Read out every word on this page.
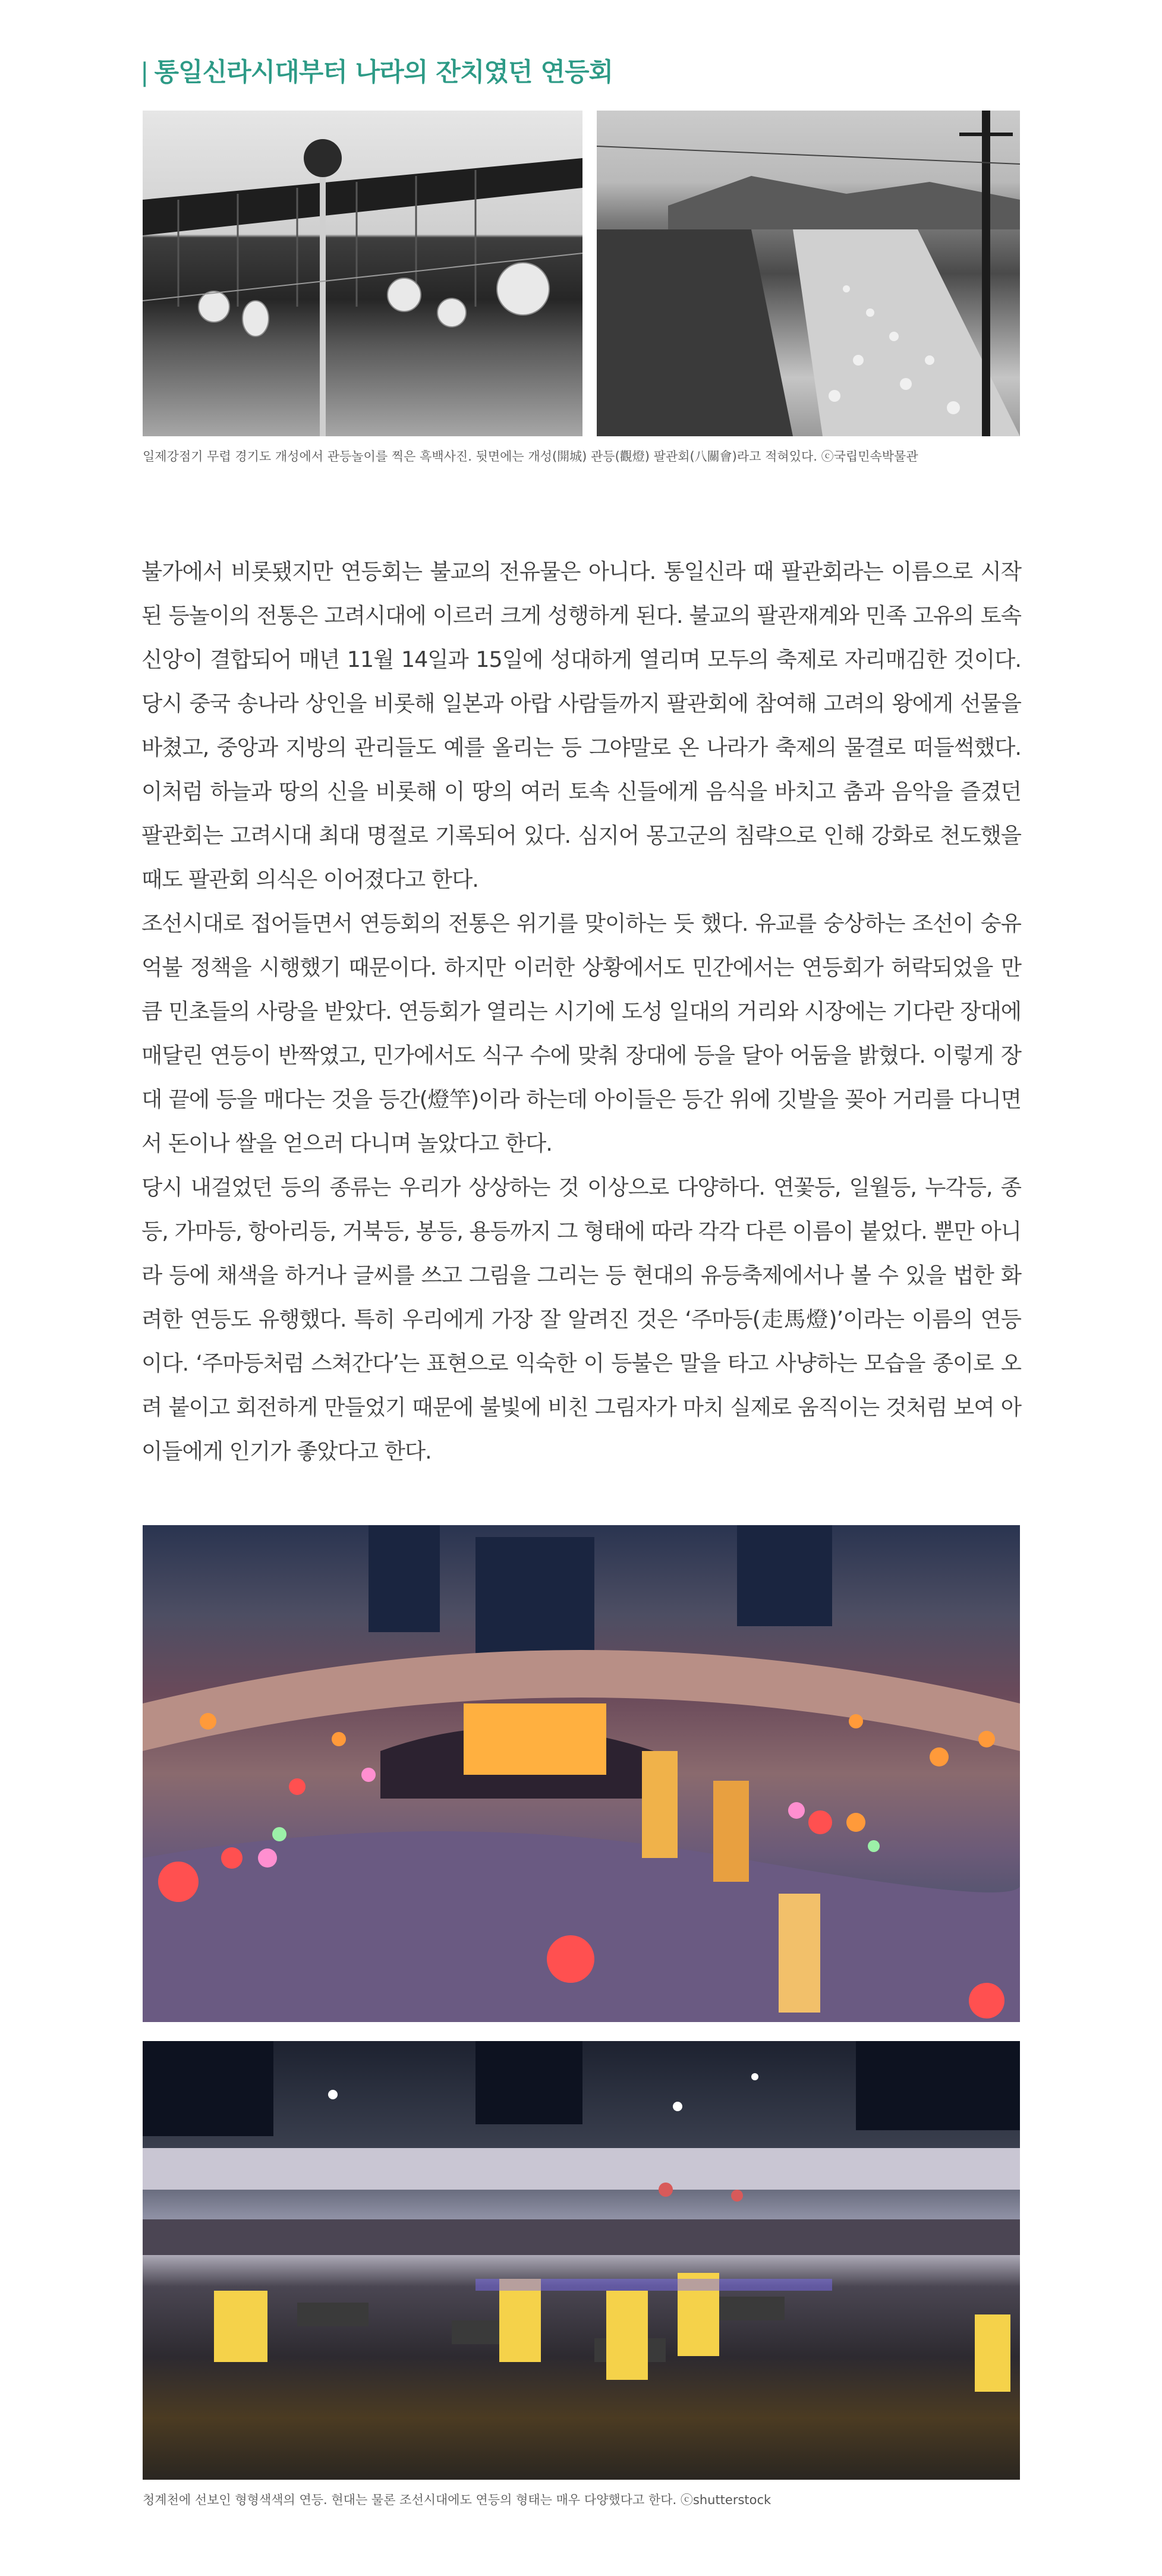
| 통일신라시대부터 나라의 잔치였던 연등회

일제강점기 무렵 경기도 개성에서 관등놀이를 찍은 흑백사진. 뒷면에는 개성(開城) 관등(觀燈) 팔관회(八關會)라고 적혀있다. ⓒ국립민속박물관

불가에서 비롯됐지만 연등회는 불교의 전유물은 아니다. 통일신라 때 팔관회라는 이름으로 시작된 등놀이의 전통은 고려시대에 이르러 크게 성행하게 된다. 불교의 팔관재계와 민족 고유의 토속신앙이 결합되어 매년 11월 14일과 15일에 성대하게 열리며 모두의 축제로 자리매김한 것이다. 당시 중국 송나라 상인을 비롯해 일본과 아랍 사람들까지 팔관회에 참여해 고려의 왕에게 선물을 바쳤고, 중앙과 지방의 관리들도 예를 올리는 등 그야말로 온 나라가 축제의 물결로 떠들썩했다. 이처럼 하늘과 땅의 신을 비롯해 이 땅의 여러 토속 신들에게 음식을 바치고 춤과 음악을 즐겼던 팔관회는 고려시대 최대 명절로 기록되어 있다. 심지어 몽고군의 침략으로 인해 강화로 천도했을 때도 팔관회 의식은 이어졌다고 한다.

조선시대로 접어들면서 연등회의 전통은 위기를 맞이하는 듯 했다. 유교를 숭상하는 조선이 숭유억불 정책을 시행했기 때문이다. 하지만 이러한 상황에서도 민간에서는 연등회가 허락되었을 만큼 민초들의 사랑을 받았다. 연등회가 열리는 시기에 도성 일대의 거리와 시장에는 기다란 장대에 매달린 연등이 반짝였고, 민가에서도 식구 수에 맞춰 장대에 등을 달아 어둠을 밝혔다. 이렇게 장대 끝에 등을 매다는 것을 등간(燈竿)이라 하는데 아이들은 등간 위에 깃발을 꽂아 거리를 다니면서 돈이나 쌀을 얻으러 다니며 놀았다고 한다.

당시 내걸었던 등의 종류는 우리가 상상하는 것 이상으로 다양하다. 연꽃등, 일월등, 누각등, 종등, 가마등, 항아리등, 거북등, 봉등, 용등까지 그 형태에 따라 각각 다른 이름이 붙었다. 뿐만 아니라 등에 채색을 하거나 글씨를 쓰고 그림을 그리는 등 현대의 유등축제에서나 볼 수 있을 법한 화려한 연등도 유행했다. 특히 우리에게 가장 잘 알려진 것은 ‘주마등(走馬燈)’이라는 이름의 연등이다. ‘주마등처럼 스쳐간다’는 표현으로 익숙한 이 등불은 말을 타고 사냥하는 모습을 종이로 오려 붙이고 회전하게 만들었기 때문에 불빛에 비친 그림자가 마치 실제로 움직이는 것처럼 보여 아이들에게 인기가 좋았다고 한다.

청계천에 선보인 형형색색의 연등. 현대는 물론 조선시대에도 연등의 형태는 매우 다양했다고 한다. ⓒshutterstock
